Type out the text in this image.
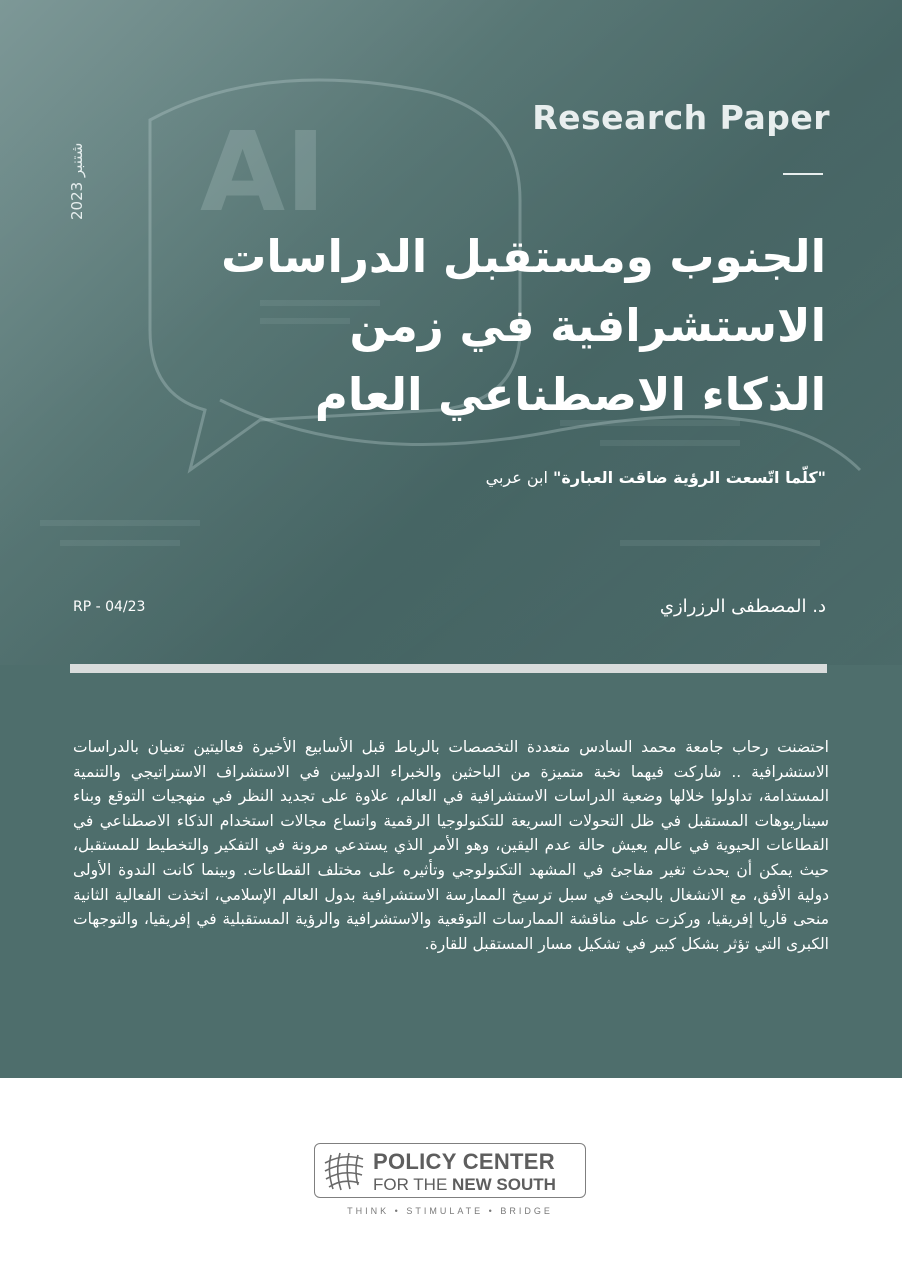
AI
2023 شتنبر
Research Paper
الجنوب ومستقبل الدراسات
الاستشرافية في زمن
الذكاء الاصطناعي العام
"كلّما اتّسعت الرؤية ضاقت العبارة" ابن عربي
د. المصطفى الرزرازي
RP - 04/23
احتضنت رحاب جامعة محمد السادس متعددة التخصصات بالرباط قبل الأسابيع الأخيرة فعاليتين تعنيان بالدراسات الاستشرافية .. شاركت فيهما نخبة متميزة من الباحثين والخبراء الدوليين في الاستشراف الاستراتيجي والتنمية المستدامة، تداولوا خلالها وضعية الدراسات الاستشرافية في العالم، علاوة على تجديد النظر في منهجيات التوقع وبناء سيناريوهات المستقبل في ظل التحولات السريعة للتكنولوجيا الرقمية واتساع مجالات استخدام الذكاء الاصطناعي في القطاعات الحيوية في عالم يعيش حالة عدم اليقين، وهو الأمر الذي يستدعي مرونة في التفكير والتخطيط للمستقبل، حيث يمكن أن يحدث تغير مفاجئ في المشهد التكنولوجي وتأثيره على مختلف القطاعات. وبينما كانت الندوة الأولى دولية الأفق، مع الانشغال بالبحث في سبل ترسيخ الممارسة الاستشرافية بدول العالم الإسلامي، اتخذت الفعالية الثانية منحى قاريا إفريقيا، وركزت على مناقشة الممارسات التوقعية والاستشرافية والرؤية المستقبلية في إفريقيا، والتوجهات الكبرى التي تؤثر بشكل كبير في تشكيل مسار المستقبل للقارة.
POLICY CENTER
FOR THE NEW SOUTH
THINK • STIMULATE • BRIDGE
